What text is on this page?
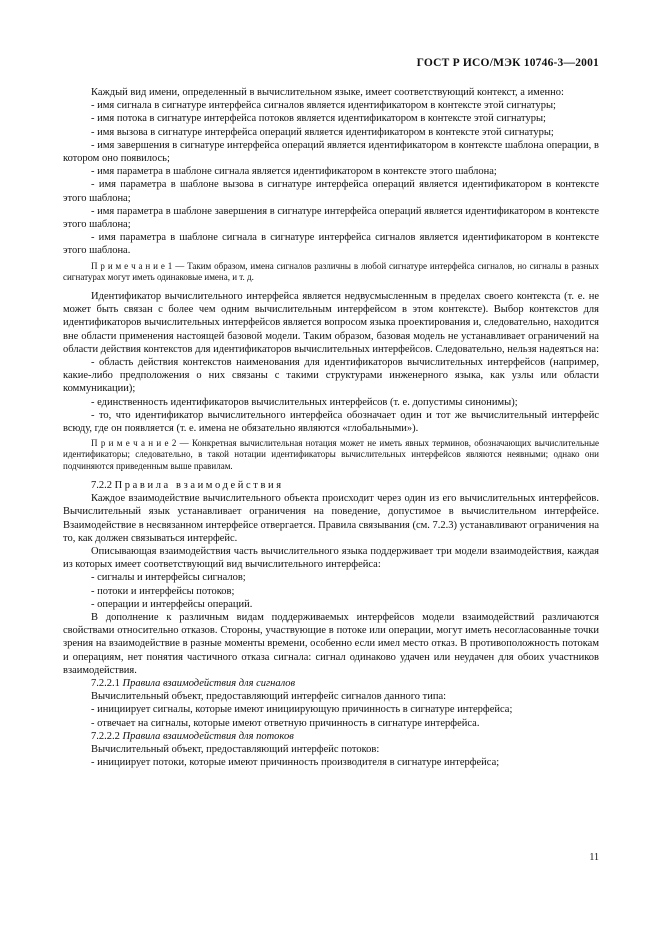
ГОСТ Р ИСО/МЭК 10746-3—2001

Каждый вид имени, определенный в вычислительном языке, имеет соответствующий контекст, а именно:

- имя сигнала в сигнатуре интерфейса сигналов является идентификатором в контексте этой сигнатуры;

- имя потока в сигнатуре интерфейса потоков является идентификатором в контексте этой сигнатуры;

- имя вызова в сигнатуре интерфейса операций является идентификатором в контексте этой сигнатуры;

- имя завершения в сигнатуре интерфейса операций является идентификатором в контексте шаблона операции, в котором оно появилось;

- имя параметра в шаблоне сигнала является идентификатором в контексте этого шаблона;

- имя параметра в шаблоне вызова в сигнатуре интерфейса операций является идентификатором в контексте этого шаблона;

- имя параметра в шаблоне завершения в сигнатуре интерфейса операций является идентификатором в контексте этого шаблона;

- имя параметра в шаблоне сигнала в сигнатуре интерфейса сигналов является идентификатором в контексте этого шаблона.

П р и м е ч а н и е 1 — Таким образом, имена сигналов различны в любой сигнатуре интерфейса сигналов, но сигналы в разных сигнатурах могут иметь одинаковые имена, и т. д.

Идентификатор вычислительного интерфейса является недвусмысленным в пределах своего контекста (т. е. не может быть связан с более чем одним вычислительным интерфейсом в этом контексте). Выбор контекстов для идентификаторов вычислительных интерфейсов является вопросом языка проектирования и, следовательно, находится вне области применения настоящей базовой модели. Таким образом, базовая модель не устанавливает ограничений на области действия контекстов для идентификаторов вычислительных интерфейсов. Следовательно, нельзя надеяться на:

- область действия контекстов наименования для идентификаторов вычислительных интерфейсов (например, какие-либо предположения о них связаны с такими структурами инженерного языка, как узлы или области коммуникации);

- единственность идентификаторов вычислительных интерфейсов (т. е. допустимы синонимы);

- то, что идентификатор вычислительного интерфейса обозначает один и тот же вычислительный интерфейс всюду, где он появляется (т. е. имена не обязательно являются «глобальными»).

П р и м е ч а н и е 2 — Конкретная вычислительная нотация может не иметь явных терминов, обозначающих вычислительные идентификаторы; следовательно, в такой нотации идентификаторы вычислительных интерфейсов являются неявными; однако они подчиняются приведенным выше правилам.

7.2.2 Правила взаимодействия

Каждое взаимодействие вычислительного объекта происходит через один из его вычислительных интерфейсов. Вычислительный язык устанавливает ограничения на поведение, допустимое в вычислительном интерфейсе. Взаимодействие в несвязанном интерфейсе отвергается. Правила связывания (см. 7.2.3) устанавливают ограничения на то, как должен связываться интерфейс.

Описывающая взаимодействия часть вычислительного языка поддерживает три модели взаимодействия, каждая из которых имеет соответствующий вид вычислительного интерфейса:

- сигналы и интерфейсы сигналов;

- потоки и интерфейсы потоков;

- операции и интерфейсы операций.

В дополнение к различным видам поддерживаемых интерфейсов модели взаимодействий различаются свойствами относительно отказов. Стороны, участвующие в потоке или операции, могут иметь несогласованные точки зрения на взаимодействие в разные моменты времени, особенно если имел место отказ. В противоположность потокам и операциям, нет понятия частичного отказа сигнала: сигнал одинаково удачен или неудачен для обоих участников взаимодействия.

7.2.2.1 Правила взаимодействия для сигналов

Вычислительный объект, предоставляющий интерфейс сигналов данного типа:

- инициирует сигналы, которые имеют инициирующую причинность в сигнатуре интерфейса;

- отвечает на сигналы, которые имеют ответную причинность в сигнатуре интерфейса.

7.2.2.2 Правила взаимодействия для потоков

Вычислительный объект, предоставляющий интерфейс потоков:

- инициирует потоки, которые имеют причинность производителя в сигнатуре интерфейса;

11
